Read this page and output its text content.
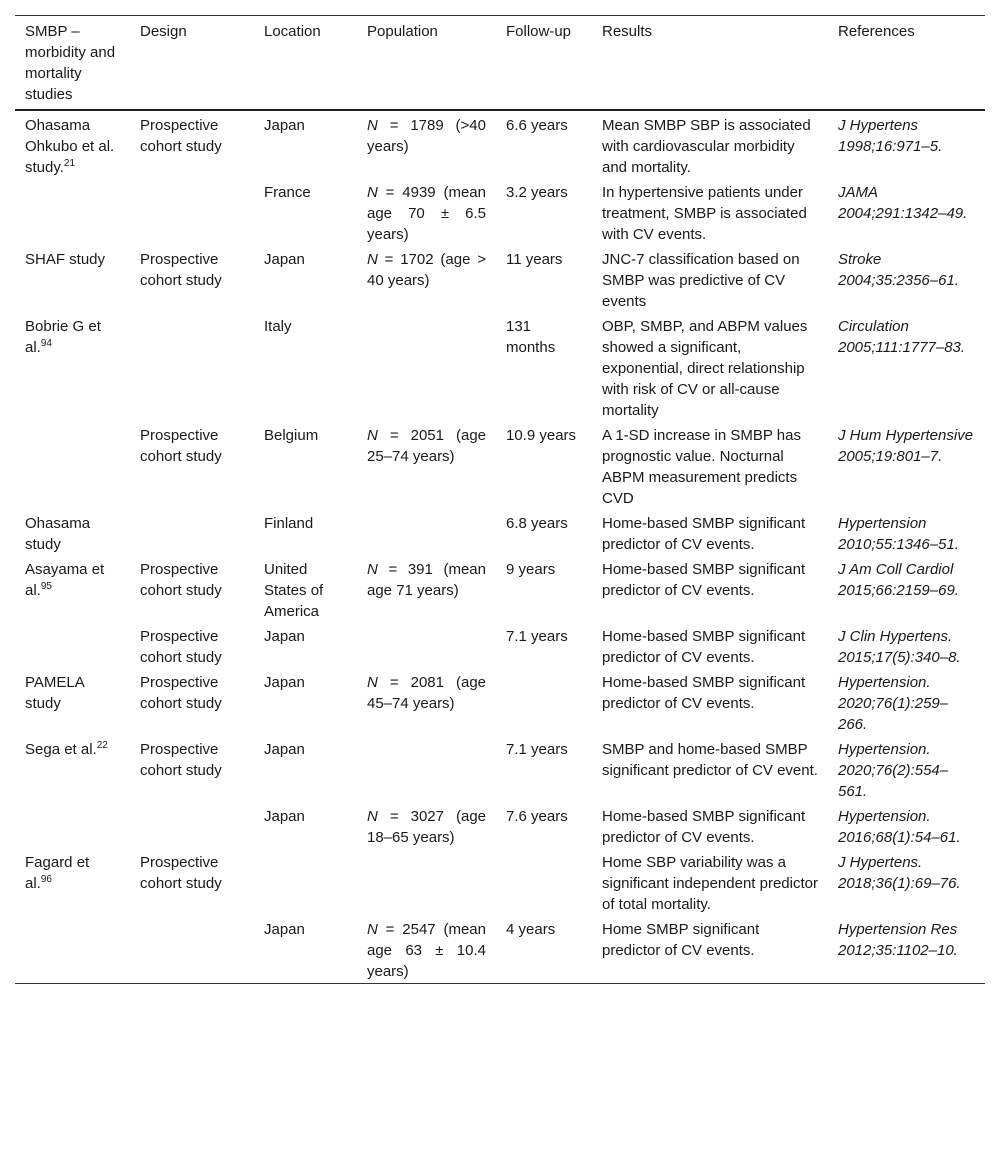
SMBP – morbidity and mortality studies	Design	Location	Population	Follow-up	Results	References
Ohasama Ohkubo et al. study.$^{21}$	Prospective cohort study	Japan	N = 1789 (>40 years)	6.6 years	Mean SMBP SBP is associated with cardiovascular morbidity and mortality.	J Hypertens 1998;16:971–5.
		France	N = 4939 (mean age 70 ± 6.5 years)	3.2 years	In hypertensive patients under treatment, SMBP is associated with CV events.	JAMA 2004;291:1342–49.
SHAF study	Prospective cohort study	Japan	N = 1702 (age > 40 years)	11 years	JNC-7 classification based on SMBP was predictive of CV events	Stroke 2004;35:2356–61.
Bobrie G et al.$^{94}$		Italy		131 months	OBP, SMBP, and ABPM values showed a significant, exponential, direct relationship with risk of CV or all-cause mortality	Circulation 2005;111:1777–83.
	Prospective cohort study	Belgium	N = 2051 (age 25–74 years)	10.9 years	A 1-SD increase in SMBP has prognostic value. Nocturnal ABPM measurement predicts CVD	J Hum Hypertensive 2005;19:801–7.
Ohasama study		Finland		6.8 years	Home-based SMBP significant predictor of CV events.	Hypertension 2010;55:1346–51.
Asayama et al.$^{95}$	Prospective cohort study	United States of America	N = 391 (mean age 71 years)	9 years	Home-based SMBP significant predictor of CV events.	J Am Coll Cardiol 2015;66:2159–69.
	Prospective cohort study	Japan		7.1 years	Home-based SMBP significant predictor of CV events.	J Clin Hypertens. 2015;17(5):340–8.
PAMELA study	Prospective cohort study	Japan	N = 2081 (age 45–74 years)		Home-based SMBP significant predictor of CV events.	Hypertension. 2020;76(1):259–266.
Sega et al.$^{22}$	Prospective cohort study	Japan		7.1 years	SMBP and home-based SMBP significant predictor of CV event.	Hypertension. 2020;76(2):554–561.
		Japan	N = 3027 (age 18–65 years)	7.6 years	Home-based SMBP significant predictor of CV events.	Hypertension. 2016;68(1):54–61.
Fagard et al.$^{96}$	Prospective cohort study				Home SBP variability was a significant independent predictor of total mortality.	J Hypertens. 2018;36(1):69–76.
		Japan	N = 2547 (mean age 63 ± 10.4 years)	4 years	Home SMBP significant predictor of CV events.	Hypertension Res 2012;35:1102–10.
